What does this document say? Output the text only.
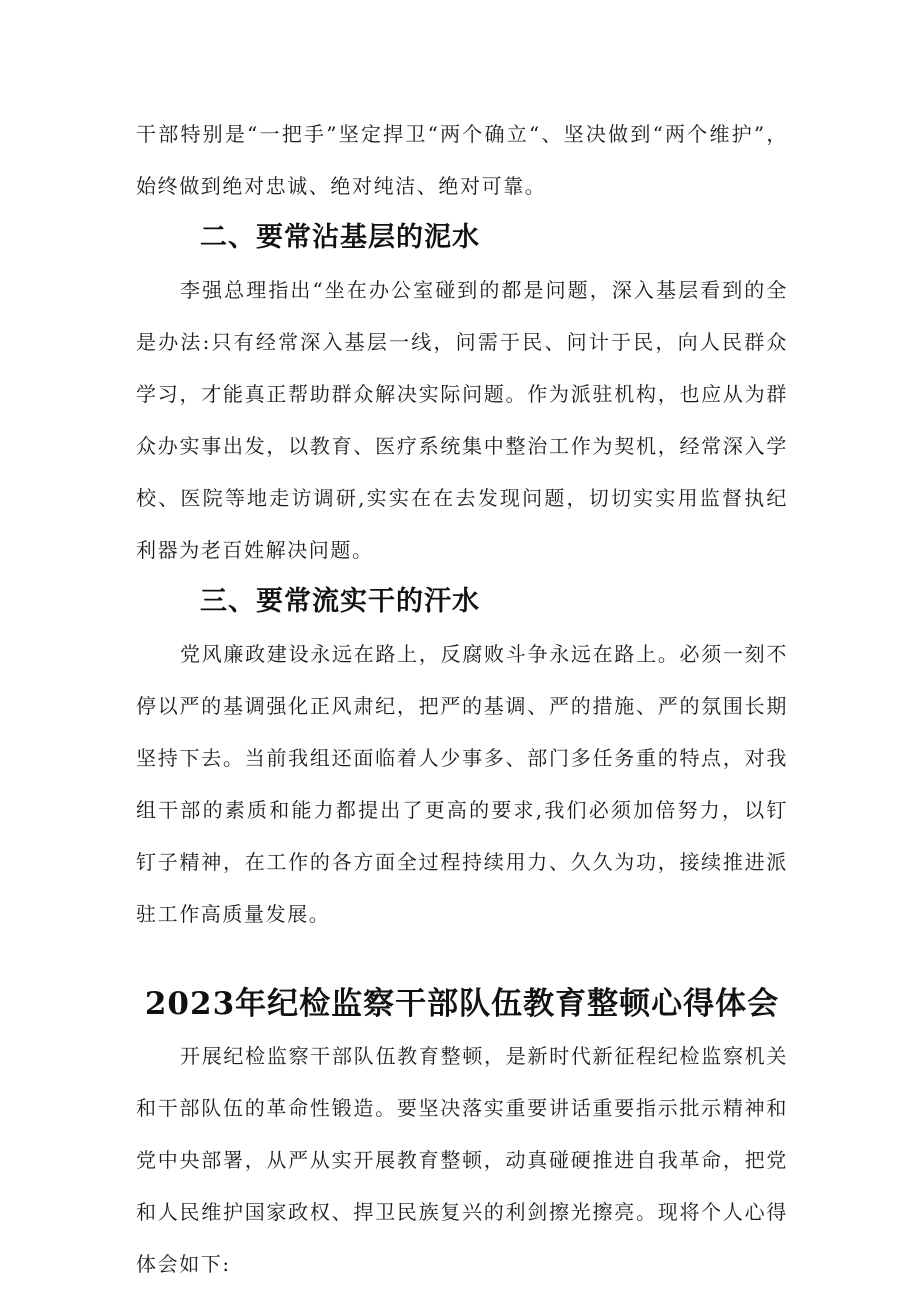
干部特别是“一把手”坚定捍卫“两个确立“、坚决做到“两个维护”，始终做到绝对忠诚、绝对纯洁、绝对可靠。

二、要常沾基层的泥水

李强总理指出“坐在办公室碰到的都是问题，深入基层看到的全是办法:只有经常深入基层一线，问需于民、问计于民，向人民群众学习，才能真正帮助群众解决实际问题。作为派驻机构，也应从为群众办实事出发，以教育、医疗系统集中整治工作为契机，经常深入学校、医院等地走访调研,实实在在去发现问题，切切实实用监督执纪利器为老百姓解决问题。

三、要常流实干的汗水

党风廉政建设永远在路上，反腐败斗争永远在路上。必须一刻不停以严的基调强化正风肃纪，把严的基调、严的措施、严的氛围长期坚持下去。当前我组还面临着人少事多、部门多任务重的特点，对我组干部的素质和能力都提出了更高的要求,我们必须加倍努力，以钉钉子精神，在工作的各方面全过程持续用力、久久为功，接续推进派驻工作高质量发展。

2023年纪检监察干部队伍教育整顿心得体会

开展纪检监察干部队伍教育整顿，是新时代新征程纪检监察机关和干部队伍的革命性锻造。要坚决落实重要讲话重要指示批示精神和党中央部署，从严从实开展教育整顿，动真碰硬推进自我革命，把党和人民维护国家政权、捍卫民族复兴的利剑擦光擦亮。现将个人心得体会如下:
